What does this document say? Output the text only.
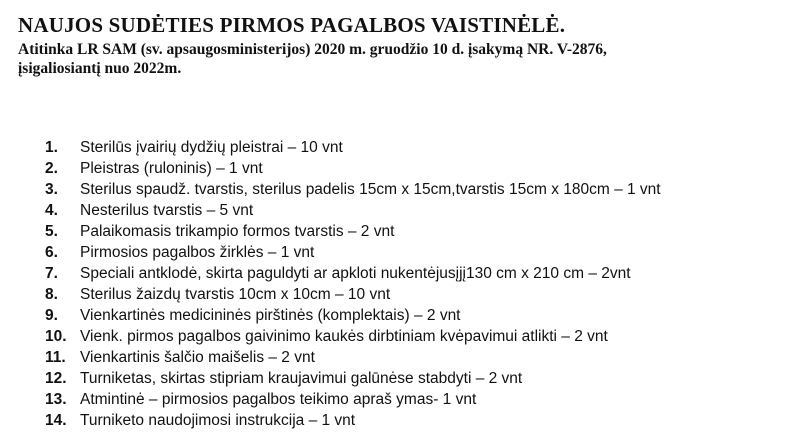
NAUJOS SUDĖTIES PIRMOS PAGALBOS VAISTINĖLĖ.

Atitinka LR SAM (sv. apsaugosministerijos) 2020 m. gruodžio 10 d. įsakymą NR. V-2876,
įsigaliosiantį nuo 2022m.

1.	Sterilūs įvairių dydžių pleistrai – 10 vnt
2.	Pleistras (ruloninis) – 1 vnt
3.	Sterilus spaudž. tvarstis, sterilus padelis 15cm x 15cm,tvarstis 15cm x 180cm – 1 vnt
4.	Nesterilus tvarstis – 5 vnt
5.	Palaikomasis trikampio formos tvarstis – 2 vnt
6.	Pirmosios pagalbos žirklės – 1 vnt
7.	Speciali antklodė, skirta paguldyti ar apkloti nukentėjusįjį130 cm x 210 cm – 2vnt
8.	Sterilus žaizdų tvarstis 10cm x 10cm – 10 vnt
9.	Vienkartinės medicininės pirštinės (komplektais) – 2 vnt
10. Vienk. pirmos pagalbos gaivinimo kaukės dirbtiniam kvėpavimui atlikti – 2 vnt
11. Vienkartinis šalčio maišelis – 2 vnt
12. Turniketas, skirtas stipriam kraujavimui galūnėse stabdyti – 2 vnt
13. Atmintinė – pirmosios pagalbos teikimo apraš ymas- 1 vnt
14. Turniketo naudojimosi instrukcija – 1 vnt
